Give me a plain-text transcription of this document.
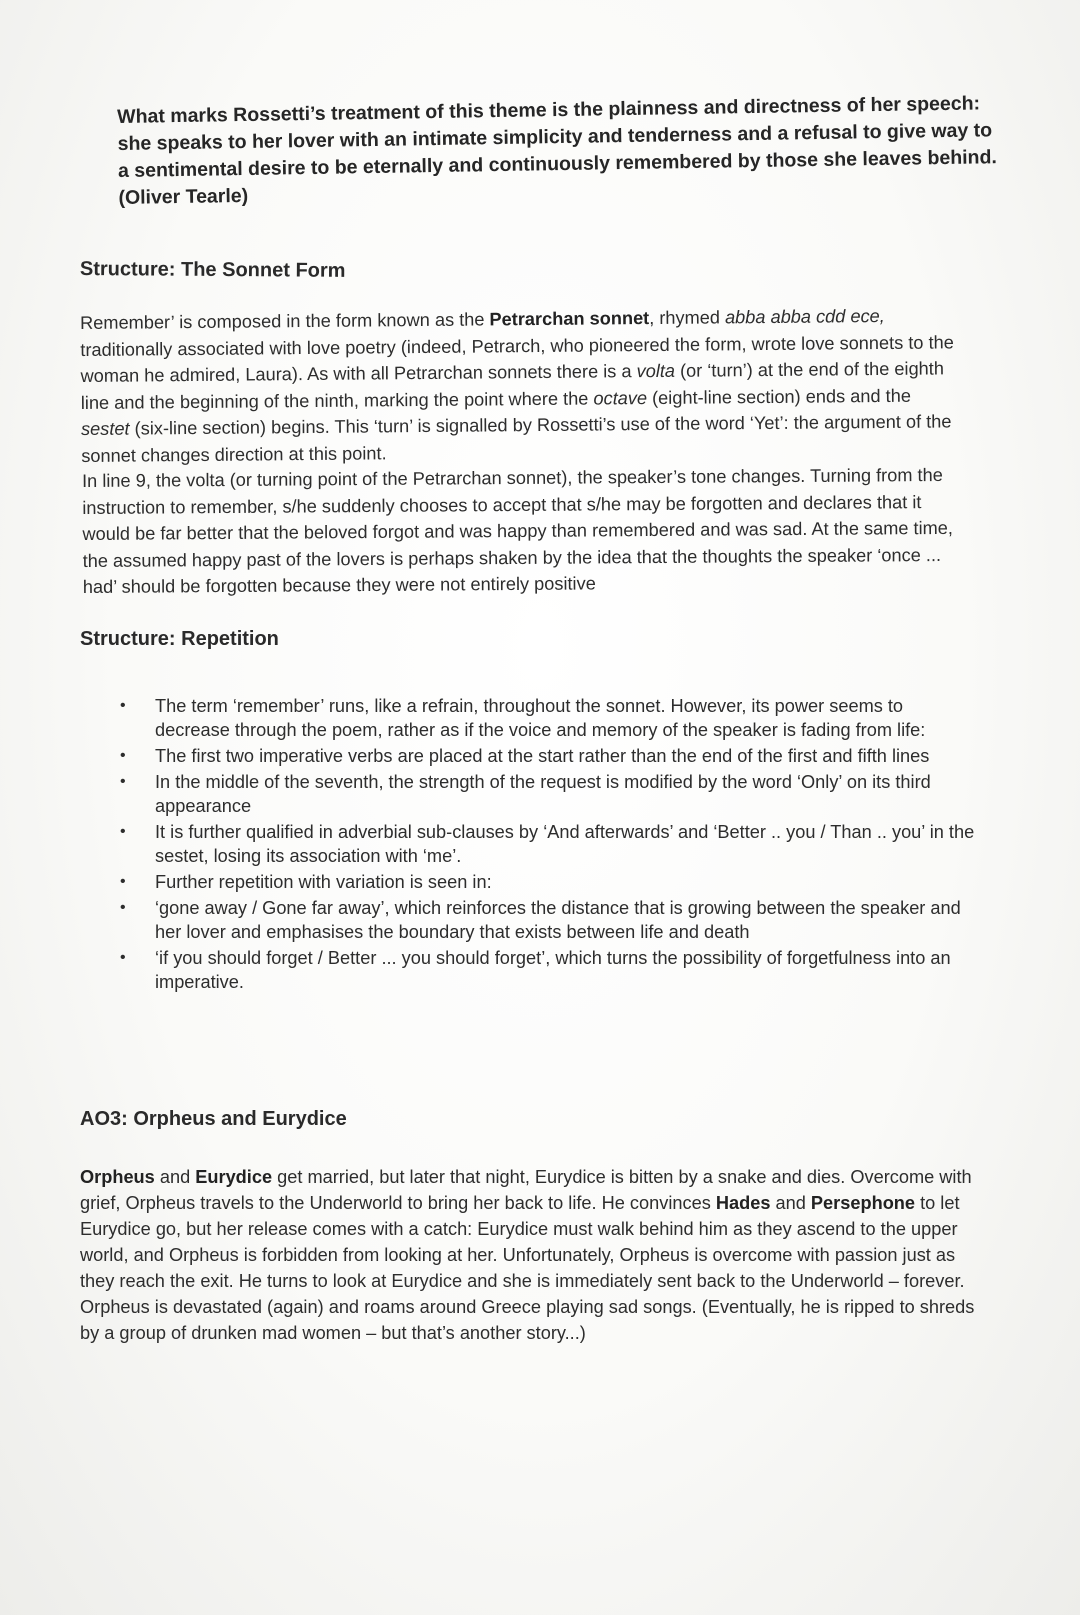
What marks Rossetti’s treatment of this theme is the plainness and directness of her speech: she speaks to her lover with an intimate simplicity and tenderness and a refusal to give way to a sentimental desire to be eternally and continuously remembered by those she leaves behind. (Oliver Tearle)
Structure: The Sonnet Form
Remember’ is composed in the form known as the Petrarchan sonnet, rhymed abba abba cdd ece, traditionally associated with love poetry (indeed, Petrarch, who pioneered the form, wrote love sonnets to the woman he admired, Laura). As with all Petrarchan sonnets there is a volta (or ‘turn’) at the end of the eighth line and the beginning of the ninth, marking the point where the octave (eight-line section) ends and the sestet (six-line section) begins. This ‘turn’ is signalled by Rossetti’s use of the word ‘Yet’: the argument of the sonnet changes direction at this point.
In line 9, the volta (or turning point of the Petrarchan sonnet), the speaker’s tone changes. Turning from the instruction to remember, s/he suddenly chooses to accept that s/he may be forgotten and declares that it would be far better that the beloved forgot and was happy than remembered and was sad. At the same time, the assumed happy past of the lovers is perhaps shaken by the idea that the thoughts the speaker ‘once ... had’ should be forgotten because they were not entirely positive
Structure: Repetition
• The term ‘remember’ runs, like a refrain, throughout the sonnet. However, its power seems to decrease through the poem, rather as if the voice and memory of the speaker is fading from life:
• The first two imperative verbs are placed at the start rather than the end of the first and fifth lines
• In the middle of the seventh, the strength of the request is modified by the word ‘Only’ on its third appearance
• It is further qualified in adverbial sub-clauses by ‘And afterwards’ and ‘Better .. you / Than .. you’ in the sestet, losing its association with ‘me’.
• Further repetition with variation is seen in:
• ‘gone away / Gone far away’, which reinforces the distance that is growing between the speaker and her lover and emphasises the boundary that exists between life and death
• ‘if you should forget / Better ... you should forget’, which turns the possibility of forgetfulness into an imperative.
AO3: Orpheus and Eurydice
Orpheus and Eurydice get married, but later that night, Eurydice is bitten by a snake and dies. Overcome with grief, Orpheus travels to the Underworld to bring her back to life. He convinces Hades and Persephone to let Eurydice go, but her release comes with a catch: Eurydice must walk behind him as they ascend to the upper world, and Orpheus is forbidden from looking at her. Unfortunately, Orpheus is overcome with passion just as they reach the exit. He turns to look at Eurydice and she is immediately sent back to the Underworld – forever. Orpheus is devastated (again) and roams around Greece playing sad songs. (Eventually, he is ripped to shreds by a group of drunken mad women – but that’s another story...)
